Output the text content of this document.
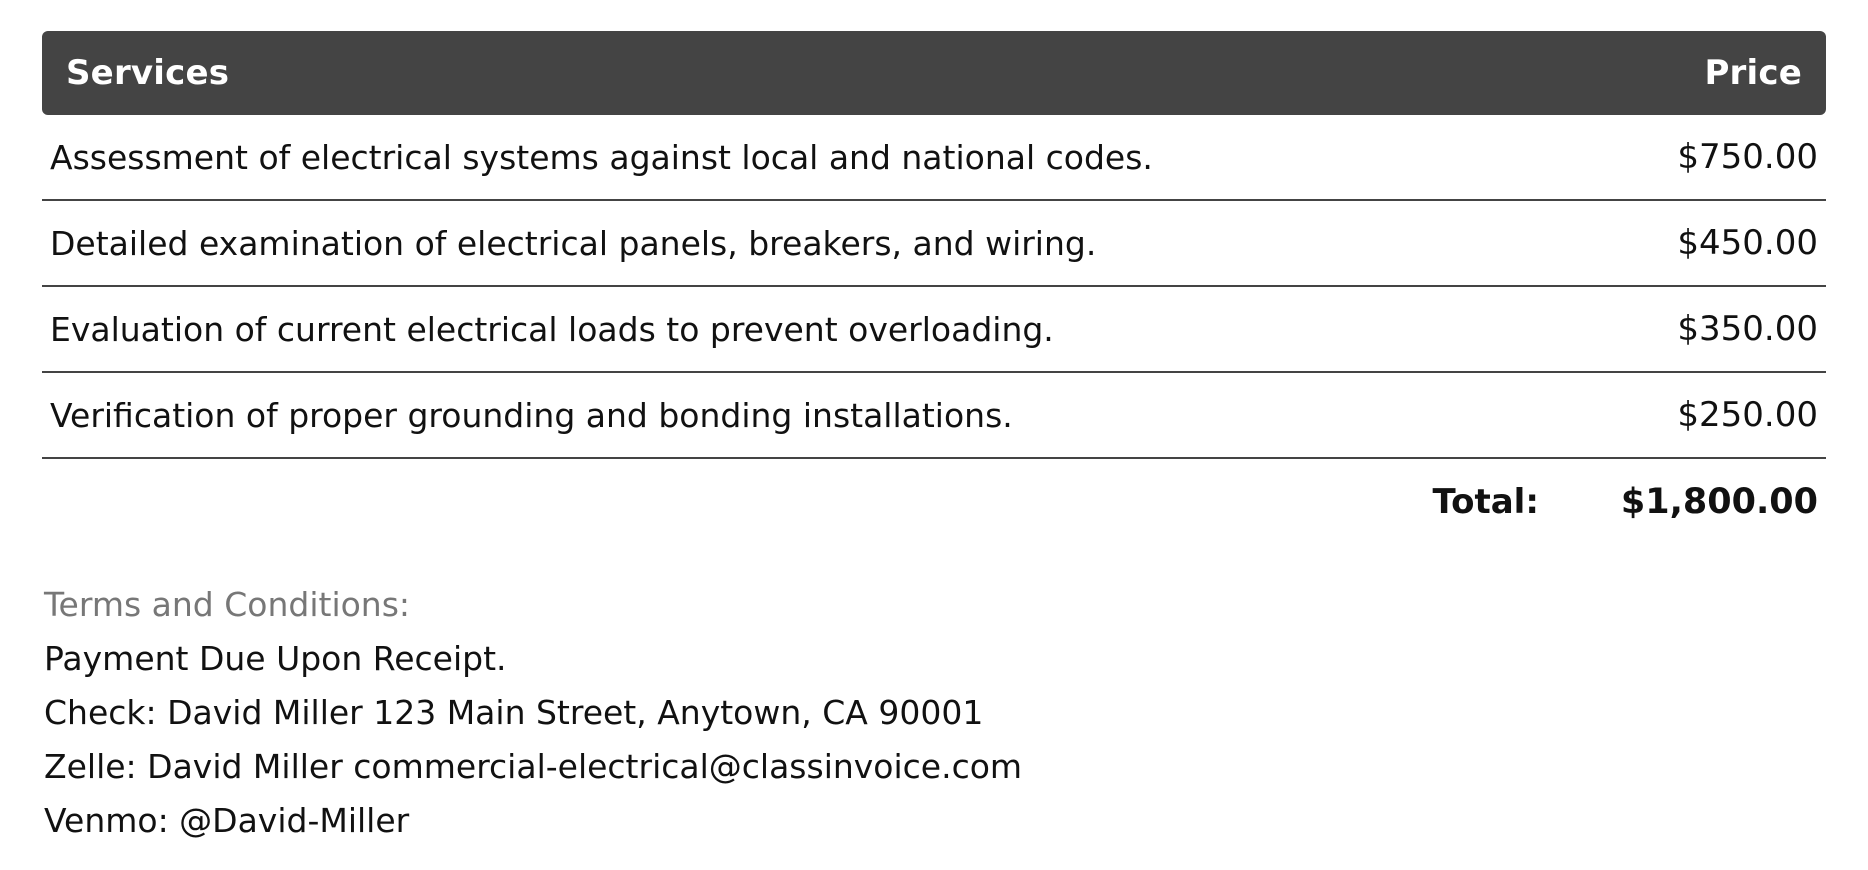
Services	Price
Assessment of electrical systems against local and national codes.	$750.00
Detailed examination of electrical panels, breakers, and wiring.	$450.00
Evaluation of current electrical loads to prevent overloading.	$350.00
Verification of proper grounding and bonding installations.	$250.00
Total: $1,800.00
Terms and Conditions:
Payment Due Upon Receipt.
Check: David Miller 123 Main Street, Anytown, CA 90001
Zelle: David Miller commercial-electrical@classinvoice.com
Venmo: @David-Miller
